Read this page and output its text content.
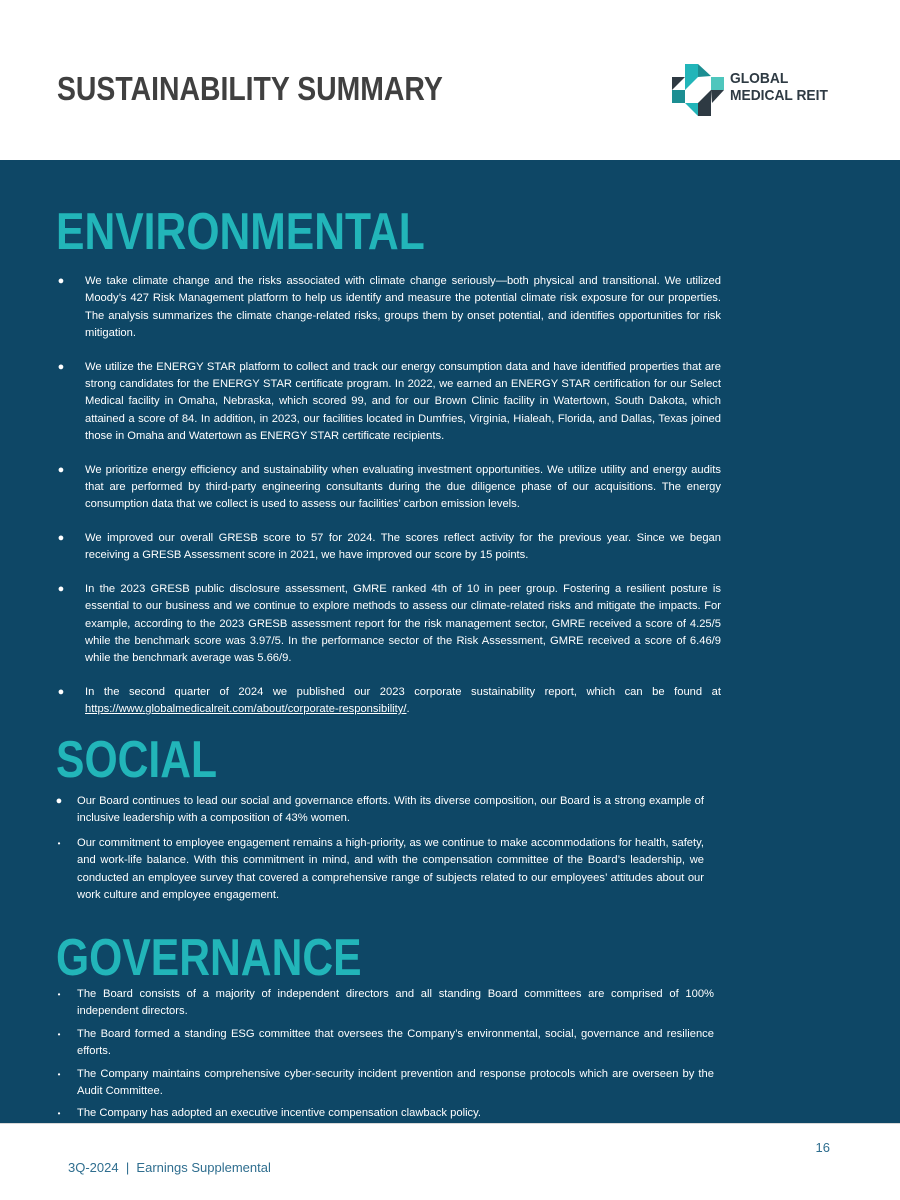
SUSTAINABILITY SUMMARY	GLOBAL
MEDICAL REIT
ENVIRONMENTAL
● We take climate change and the risks associated with climate change seriously—both physical and transitional. We utilized Moody’s 427 Risk Management platform to help us identify and measure the potential climate risk exposure for our properties. The analysis summarizes the climate change-related risks, groups them by onset potential, and identifies opportunities for risk mitigation.
● We utilize the ENERGY STAR platform to collect and track our energy consumption data and have identified properties that are strong candidates for the ENERGY STAR certificate program. In 2022, we earned an ENERGY STAR certification for our Select Medical facility in Omaha, Nebraska, which scored 99, and for our Brown Clinic facility in Watertown, South Dakota, which attained a score of 84. In addition, in 2023, our facilities located in Dumfries, Virginia, Hialeah, Florida, and Dallas, Texas joined those in Omaha and Watertown as ENERGY STAR certificate recipients.
● We prioritize energy efficiency and sustainability when evaluating investment opportunities. We utilize utility and energy audits that are performed by third-party engineering consultants during the due diligence phase of our acquisitions. The energy consumption data that we collect is used to assess our facilities’ carbon emission levels.
● We improved our overall GRESB score to 57 for 2024. The scores reflect activity for the previous year. Since we began receiving a GRESB Assessment score in 2021, we have improved our score by 15 points.
● In the 2023 GRESB public disclosure assessment, GMRE ranked 4th of 10 in peer group. Fostering a resilient posture is essential to our business and we continue to explore methods to assess our climate-related risks and mitigate the impacts. For example, according to the 2023 GRESB assessment report for the risk management sector, GMRE received a score of 4.25/5 while the benchmark score was 3.97/5. In the performance sector of the Risk Assessment, GMRE received a score of 6.46/9 while the benchmark average was 5.66/9.
● In the second quarter of 2024 we published our 2023 corporate sustainability report, which can be found at https://www.globalmedicalreit.com/about/corporate-responsibility/.
SOCIAL
● Our Board continues to lead our social and governance efforts. With its diverse composition, our Board is a strong example of inclusive leadership with a composition of 43% women.
•	Our commitment to employee engagement remains a high-priority, as we continue to make accommodations for health, safety, and work-life balance. With this commitment in mind, and with the compensation committee of the Board’s leadership, we conducted an employee survey that covered a comprehensive range of subjects related to our employees’ attitudes about our work culture and employee engagement.
GOVERNANCE
•	The Board consists of a majority of independent directors and all standing Board committees are comprised of 100% independent directors.
•	The Board formed a standing ESG committee that oversees the Company’s environmental, social, governance and resilience efforts.
•	The Company maintains comprehensive cyber-security incident prevention and response protocols which are overseen by the Audit Committee.
•	The Company has adopted an executive incentive compensation clawback policy.
16
3Q-2024  |  Earnings Supplemental
